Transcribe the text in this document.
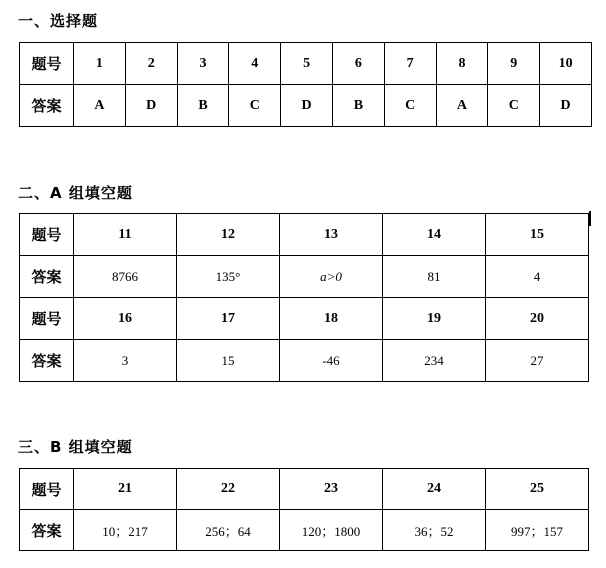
一、选择题
题号	1	2	3	4	5	6	7	8	9	10
答案	A	D	B	C	D	B	C	A	C	D
二、A 组填空题
题号	11	12	13	14	15
答案	8766	135°	a>0	81	4
题号	16	17	18	19	20
答案	3	15	-46	234	27
三、B 组填空题
题号	21	22	23	24	25
答案	10；217	256；64	120；1800	36；52	997；157
